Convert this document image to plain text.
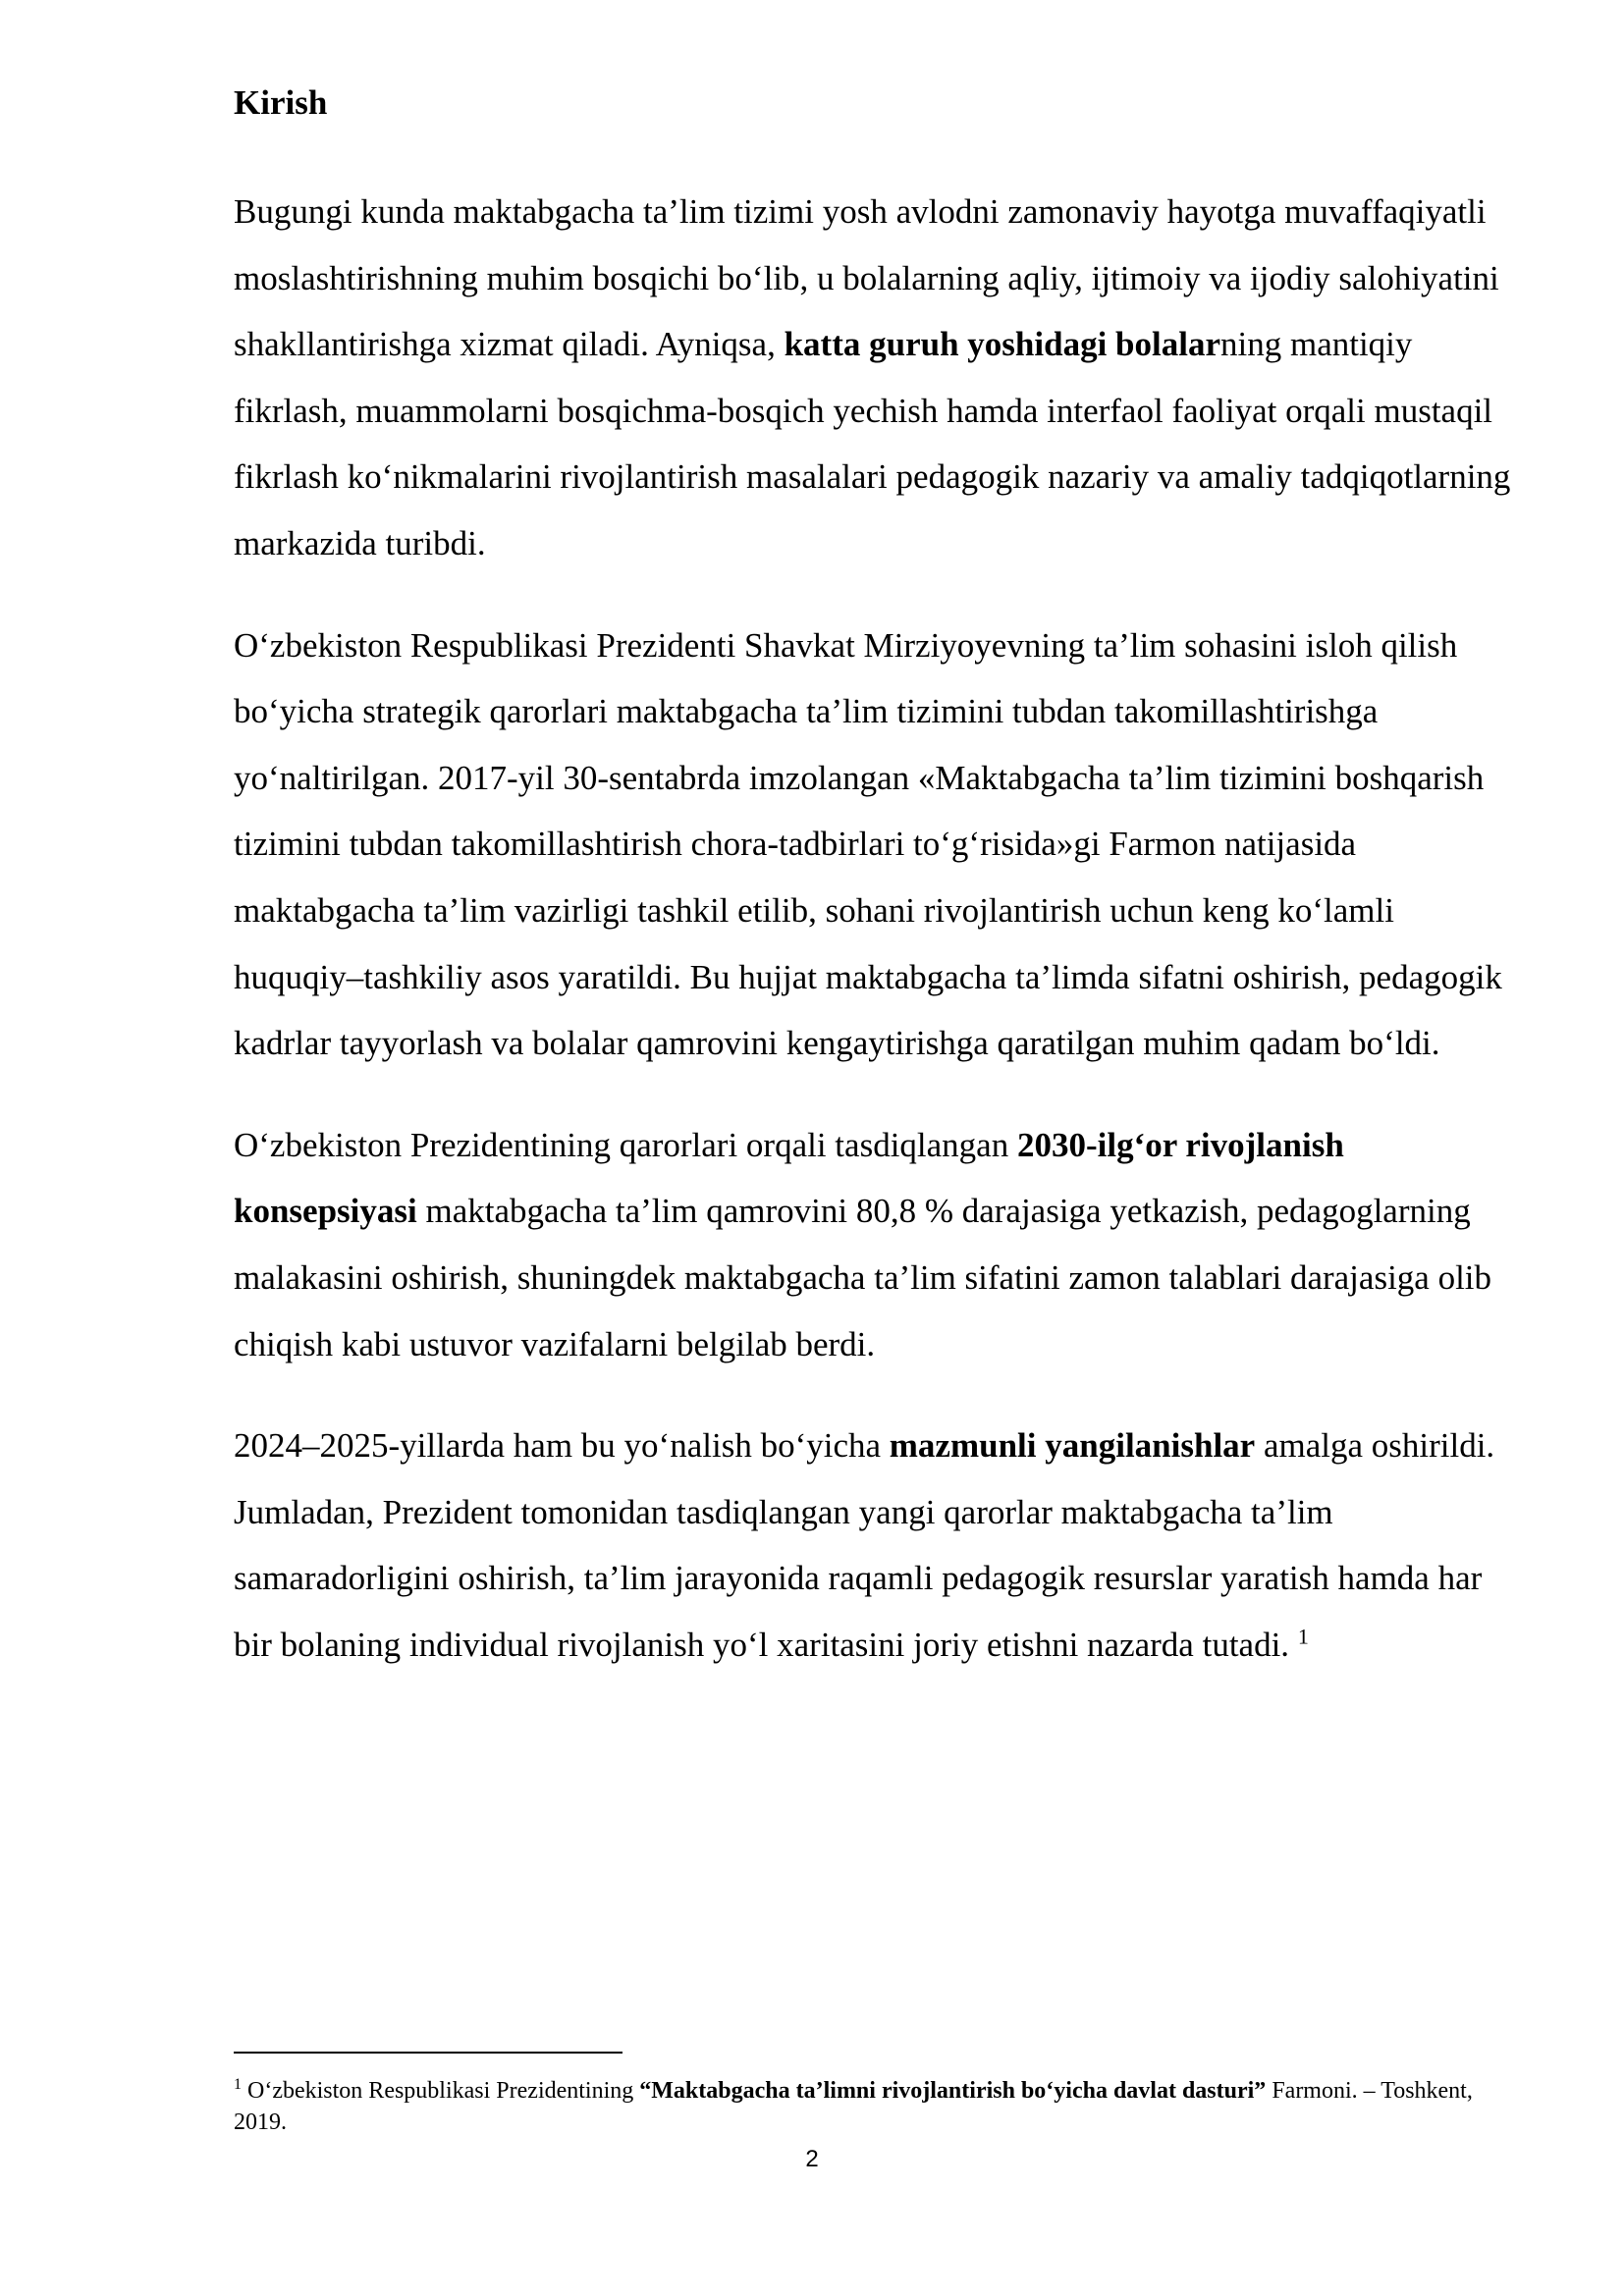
Kirish

Bugungi kunda maktabgacha ta’lim tizimi yosh avlodni zamonaviy hayotga muvaffaqiyatli moslashtirishning muhim bosqichi bo‘lib, u bolalarning aqliy, ijtimoiy va ijodiy salohiyatini shakllantirishga xizmat qiladi. Ayniqsa, katta guruh yoshidagi bolalarning mantiqiy fikrlash, muammolarni bosqichma-bosqich yechish hamda interfaol faoliyat orqali mustaqil fikrlash ko‘nikmalarini rivojlantirish masalalari pedagogik nazariy va amaliy tadqiqotlarning markazida turibdi.

O‘zbekiston Respublikasi Prezidenti Shavkat Mirziyoyevning ta’lim sohasini isloh qilish bo‘yicha strategik qarorlari maktabgacha ta’lim tizimini tubdan takomillashtirishga yo‘naltirilgan. 2017-yil 30-sentabrda imzolangan «Maktabgacha ta’lim tizimini boshqarish tizimini tubdan takomillashtirish chora-tadbirlari to‘g‘risida»gi Farmon natijasida maktabgacha ta’lim vazirligi tashkil etilib, sohani rivojlantirish uchun keng ko‘lamli huquqiy–tashkiliy asos yaratildi. Bu hujjat maktabgacha ta’limda sifatni oshirish, pedagogik kadrlar tayyorlash va bolalar qamrovini kengaytirishga qaratilgan muhim qadam bo‘ldi.

O‘zbekiston Prezidentining qarorlari orqali tasdiqlangan 2030-ilg‘or rivojlanish konsepsiyasi maktabgacha ta’lim qamrovini 80,8 % darajasiga yetkazish, pedagoglarning malakasini oshirish, shuningdek maktabgacha ta’lim sifatini zamon talablari darajasiga olib chiqish kabi ustuvor vazifalarni belgilab berdi.

2024–2025-yillarda ham bu yo‘nalish bo‘yicha mazmunli yangilanishlar amalga oshirildi. Jumladan, Prezident tomonidan tasdiqlangan yangi qarorlar maktabgacha ta’lim samaradorligini oshirish, ta’lim jarayonida raqamli pedagogik resurslar yaratish hamda har bir bolaning individual rivojlanish yo‘l xaritasini joriy etishni nazarda tutadi. $^1$

$^1$ O‘zbekiston Respublikasi Prezidentining “Maktabgacha ta’limni rivojlantirish bo‘yicha davlat dasturi” Farmoni. – Toshkent, 2019.
2
